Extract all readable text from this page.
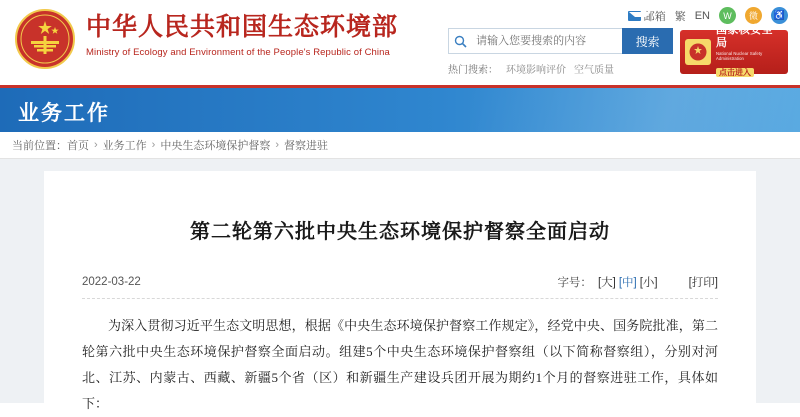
中华人民共和国生态环境部
Ministry of Ecology and Environment of the People's Republic of China
邮箱 繁 EN	W	微	♿
请输入您要搜索的内容
搜索
热门搜索： 环境影响评价 空气质量
国家核安全局
National Nuclear Safety Administration
点击进入
业务工作
当前位置： 首页 › 业务工作 › 中央生态环境保护督察 › 督察进驻
第二轮第六批中央生态环境保护督察全面启动
2022-03-22	字号： [大] [中] [小]	[打印]

为深入贯彻习近平生态文明思想，根据《中央生态环境保护督察工作规定》，经党中央、国务院批准，第二轮第六批中央生态环境保护督察全面启动。组建5个中央生态环境保护督察组（以下简称督察组），分别对河北、江苏、内蒙古、西藏、新疆5个省（区）和新疆生产建设兵团开展为期约1个月的督察进驻工作，具体如下：
